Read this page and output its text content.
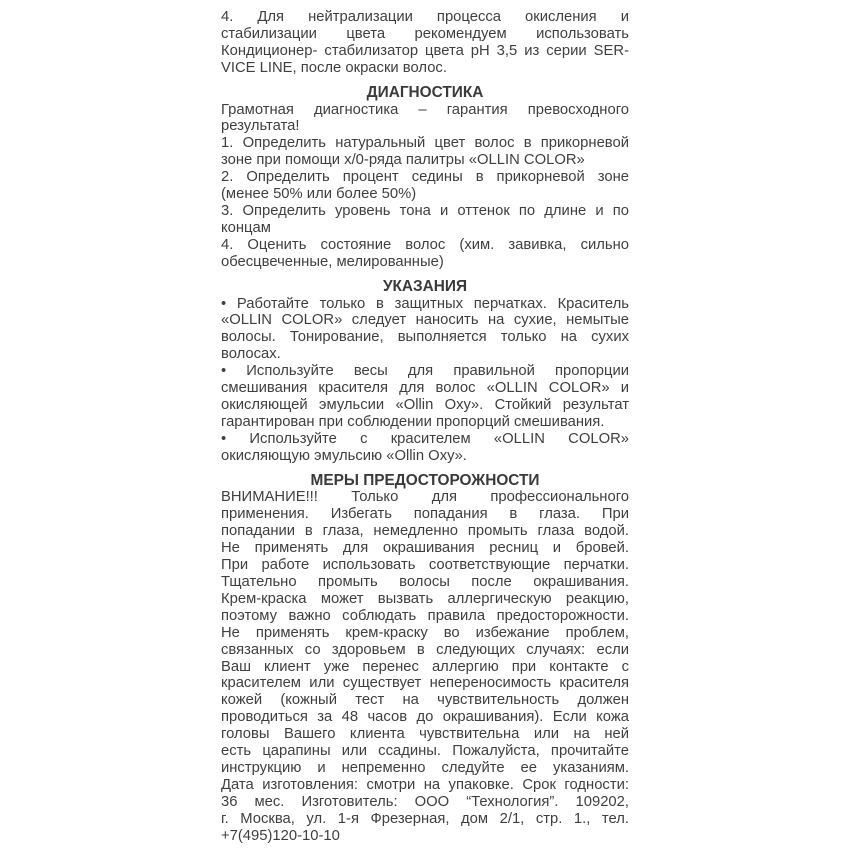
4. Для нейтрализации процесса окисления и
стабилизации цвета рекомендуем использовать
Кондиционер- стабилизатор цвета pH 3,5 из серии SER-
VICE LINE, после окраски волос.
ДИАГНОСТИКА
Грамотная диагностика – гарантия превосходного
результата!
1. Определить натуральный цвет волос в прикорневой
зоне при помощи х/0-ряда палитры «OLLIN COLOR»
2. Определить процент седины в прикорневой зоне
(менее 50% или более 50%)
3. Определить уровень тона и оттенок по длине и по
концам
4. Оценить состояние волос (хим. завивка, сильно
обесцвеченные, мелированные)
УКАЗАНИЯ
• Работайте только в защитных перчатках. Краситель
«OLLIN COLOR» следует наносить на сухие, немытые
волосы. Тонирование, выполняется только на сухих
волосах.
• Используйте весы для правильной пропорции
смешивания красителя для волос «OLLIN COLOR» и
окисляющей эмульсии «Ollin Oxy». Стойкий результат
гарантирован при соблюдении пропорций смешивания.
• Используйте с красителем «OLLIN COLOR»
окисляющую эмульсию «Ollin Oxy».
МЕРЫ ПРЕДОСТОРОЖНОСТИ
ВНИМАНИЕ!!! Только для профессионального
применения. Избегать попадания в глаза. При
попадании в глаза, немедленно промыть глаза водой.
Не применять для окрашивания ресниц и бровей.
При работе использовать соответствующие перчатки.
Тщательно промыть волосы после окрашивания.
Крем-краска может вызвать аллергическую реакцию,
поэтому важно соблюдать правила предосторожности.
Не применять крем-краску во избежание проблем,
связанных со здоровьем в следующих случаях: если
Ваш клиент уже перенес аллергию при контакте с
красителем или существует непереносимость красителя
кожей (кожный тест на чувствительность должен
проводиться за 48 часов до окрашивания). Если кожа
головы Вашего клиента чувствительна или на ней
есть царапины или ссадины. Пожалуйста, прочитайте
инструкцию и непременно следуйте ее указаниям.
Дата изготовления: смотри на упаковке. Срок годности:
36 мес. Изготовитель: ООО “Технология”. 109202,
г. Москва, ул. 1-я Фрезерная, дом 2/1, стр. 1., тел.
+7(495)120-10-10
